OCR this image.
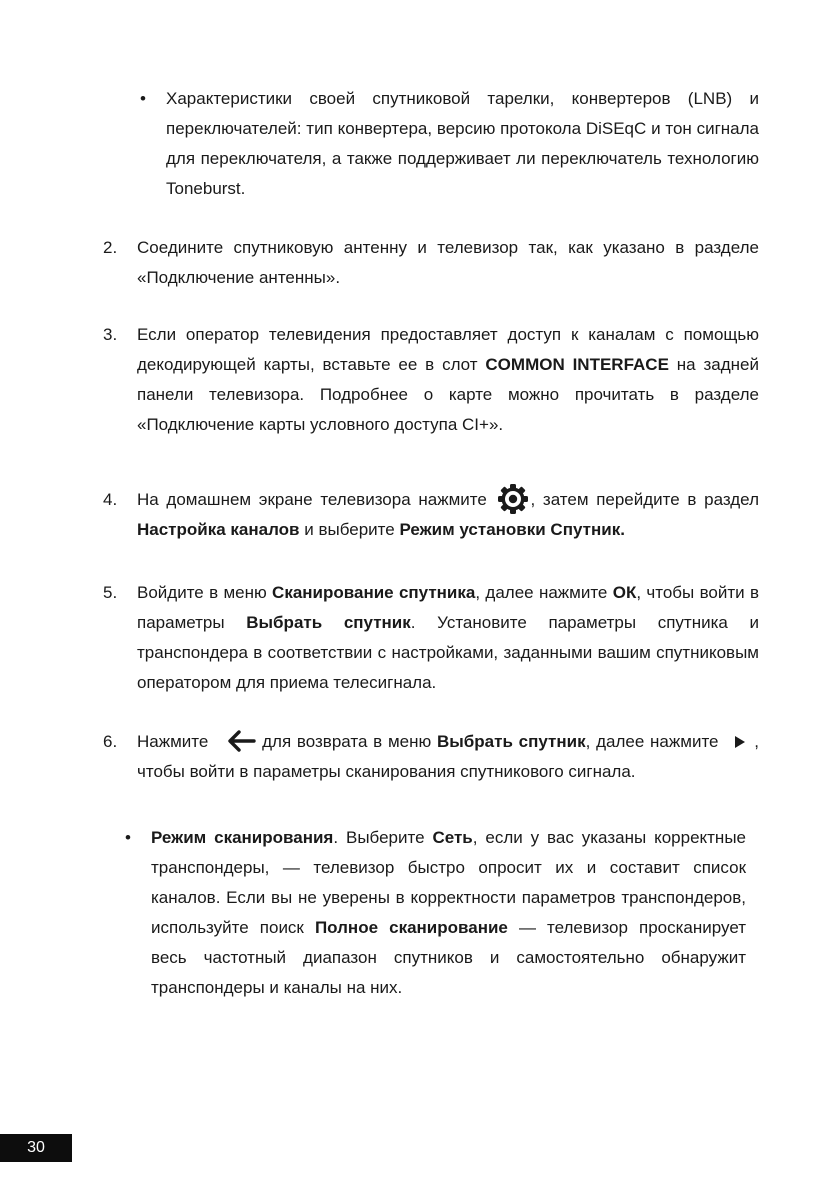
• Характеристики своей спутниковой тарелки, конвертеров (LNB) и переключателей: тип конвертера, версию протокола DiSEqC и тон сигнала для переключателя, а также поддерживает ли переключатель технологию Toneburst.
2. Соедините спутниковую антенну и телевизор так, как указано в разделе «Подключение антенны».
3. Если оператор телевидения предоставляет доступ к каналам с помощью декодирующей карты, вставьте ее в слот COMMON INTERFACE на задней панели телевизора. Подробнее о карте можно прочитать в разделе «Подключение карты условного доступа CI+».
4. На домашнем экране телевизора нажмите	, затем перейдите в раздел Настройка каналов и выберите Режим установки Спутник.
5. Войдите в меню Сканирование спутника, далее нажмите ОК, чтобы войти в параметры Выбрать спутник. Установите параметры спутника и транспондера в соответствии с настройками, заданными вашим спутниковым оператором для приема телесигнала.
6. Нажмите	для возврата в меню Выбрать спутник, далее нажмите , чтобы войти в параметры сканирования спутникового сигнала.
• Режим сканирования. Выберите Сеть, если у вас указаны корректные транспондеры, — телевизор быстро опросит их и составит список каналов. Если вы не уверены в корректности параметров транспондеров, используйте поиск Полное сканирование — телевизор просканирует весь частотный диапазон спутников и самостоятельно обнаружит транспондеры и каналы на них.
30
